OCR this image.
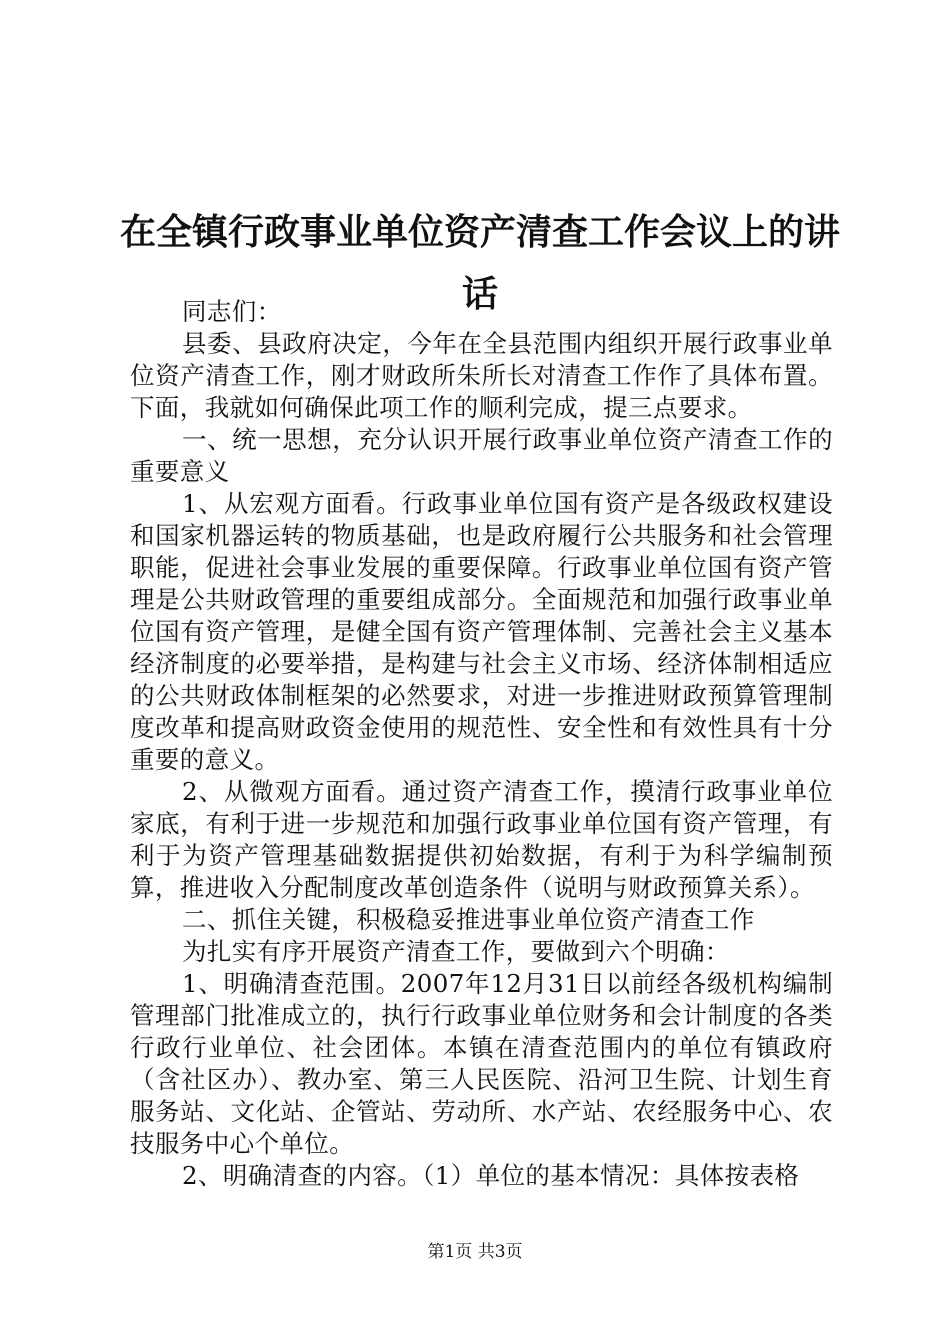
在全镇行政事业单位资产清查工作会议上的讲话

同志们：

县委、县政府决定，今年在全县范围内组织开展行政事业单位资产清查工作，刚才财政所朱所长对清查工作作了具体布置。下面，我就如何确保此项工作的顺利完成，提三点要求。

一、统一思想，充分认识开展行政事业单位资产清查工作的重要意义

1、从宏观方面看。行政事业单位国有资产是各级政权建设和国家机器运转的物质基础，也是政府履行公共服务和社会管理职能，促进社会事业发展的重要保障。行政事业单位国有资产管理是公共财政管理的重要组成部分。全面规范和加强行政事业单位国有资产管理，是健全国有资产管理体制、完善社会主义基本经济制度的必要举措，是构建与社会主义市场、经济体制相适应的公共财政体制框架的必然要求，对进一步推进财政预算管理制度改革和提高财政资金使用的规范性、安全性和有效性具有十分重要的意义。

2、从微观方面看。通过资产清查工作，摸清行政事业单位家底，有利于进一步规范和加强行政事业单位国有资产管理，有利于为资产管理基础数据提供初始数据，有利于为科学编制预算，推进收入分配制度改革创造条件（说明与财政预算关系）。

二、抓住关键，积极稳妥推进事业单位资产清查工作

为扎实有序开展资产清查工作，要做到六个明确：

1、明确清查范围。2007年12月31日以前经各级机构编制管理部门批准成立的，执行行政事业单位财务和会计制度的各类行政行业单位、社会团体。本镇在清查范围内的单位有镇政府（含社区办）、教办室、第三人民医院、沿河卫生院、计划生育服务站、文化站、企管站、劳动所、水产站、农经服务中心、农技服务中心个单位。

2、明确清查的内容。（1）单位的基本情况：具体按表格

第1页 共3页
